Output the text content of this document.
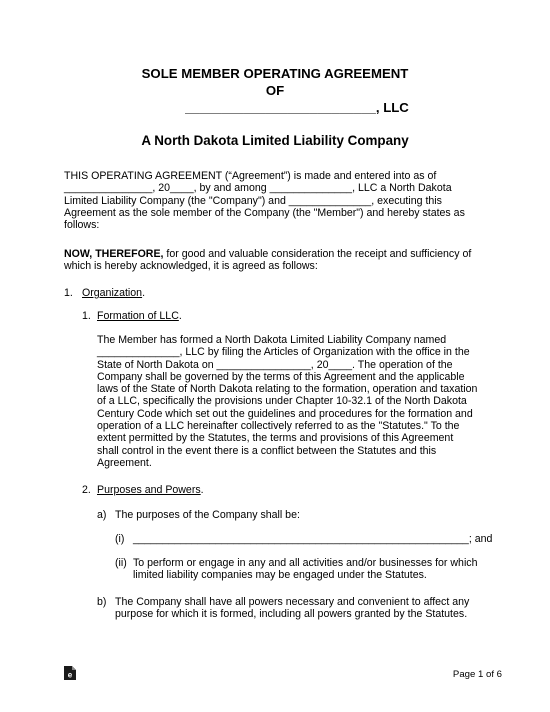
SOLE MEMBER OPERATING AGREEMENT
OF
__________________________, LLC
A North Dakota Limited Liability Company
THIS OPERATING AGREEMENT (“Agreement”) is made and entered into as of
_______________, 20____, by and among ______________, LLC a North Dakota
Limited Liability Company (the "Company") and ______________, executing this
Agreement as the sole member of the Company (the "Member") and hereby states as
follows:
NOW, THEREFORE, for good and valuable consideration the receipt and sufficiency of
which is hereby acknowledged, it is agreed as follows:
1. Organization.
1. Formation of LLC.
The Member has formed a North Dakota Limited Liability Company named
______________, LLC by filing the Articles of Organization with the office in the
State of North Dakota on ________________, 20____. The operation of the
Company shall be governed by the terms of this Agreement and the applicable
laws of the State of North Dakota relating to the formation, operation and taxation
of a LLC, specifically the provisions under Chapter 10-32.1 of the North Dakota
Century Code which set out the guidelines and procedures for the formation and
operation of a LLC hereinafter collectively referred to as the "Statutes." To the
extent permitted by the Statutes, the terms and provisions of this Agreement
shall control in the event there is a conflict between the Statutes and this
Agreement.
2. Purposes and Powers.
a) The purposes of the Company shall be:
(i) _________________________________________________________; and
(ii) To perform or engage in any and all activities and/or businesses for which
limited liability companies may be engaged under the Statutes.
b) The Company shall have all powers necessary and convenient to affect any
purpose for which it is formed, including all powers granted by the Statutes.
e	Page 1 of 6
